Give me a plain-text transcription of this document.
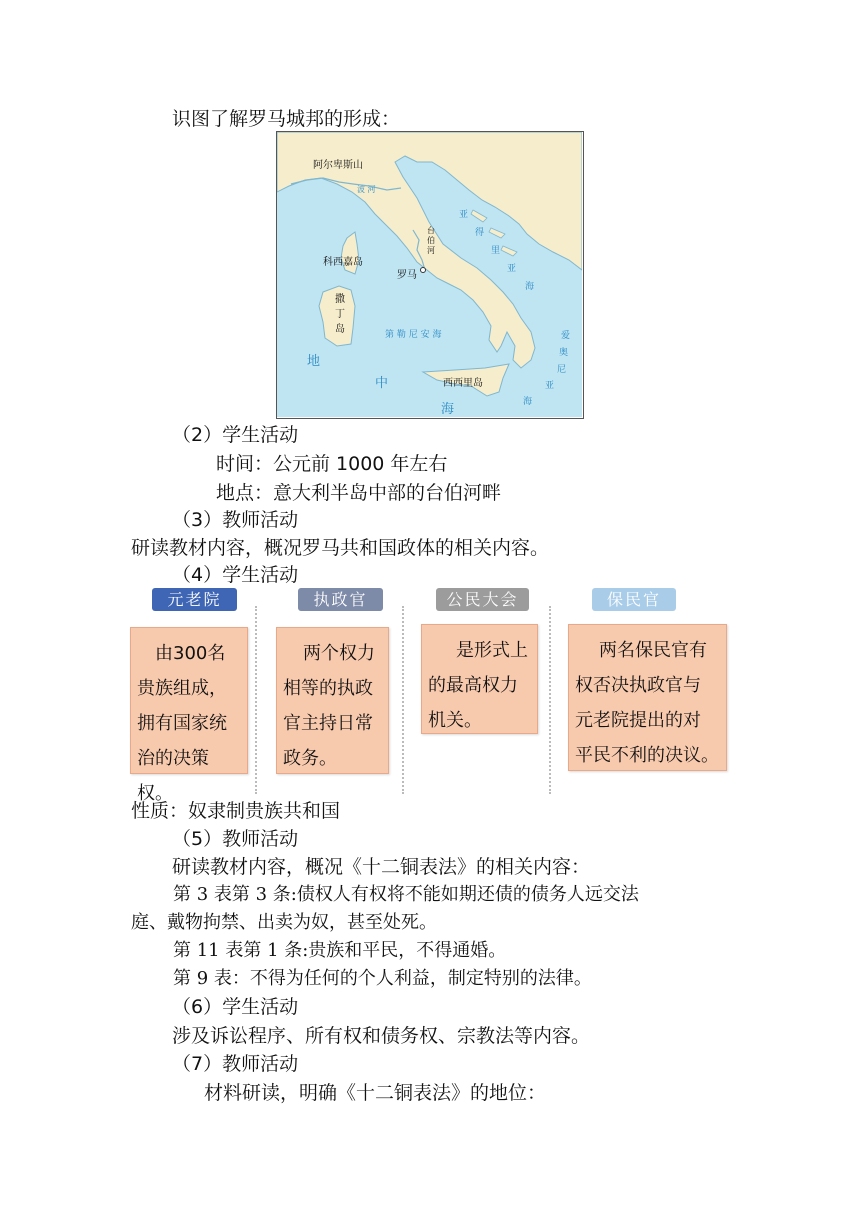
识图了解罗马城邦的形成：
阿尔卑斯山
波 河
亚
得
里
亚
海
台
伯
河
科西嘉岛
罗马
撒
丁
岛	第 勒 尼 安 海	爱
奥
尼
亚
海
西西里岛
地
中
海
（2）学生活动
时间：公元前 1000 年左右
地点：意大利半岛中部的台伯河畔
（3）教师活动
研读教材内容，概况罗马共和国政体的相关内容。
（4）学生活动
元老院	执政官	公民大会	保民官
由300名
贵族组成，
拥有国家统
治的决策权。
两个权力
相等的执政
官主持日常
政务。
是形式上
的最高权力
机关。
两名保民官有
权否决执政官与
元老院提出的对
平民不利的决议。
性质：奴隶制贵族共和国
（5）教师活动
研读教材内容，概况《十二铜表法》的相关内容：
第 3 表第 3 条:债权人有权将不能如期还债的债务人远交法
庭、戴物拘禁、出卖为奴，甚至处死。
第 11 表第 1 条:贵族和平民，不得通婚。
第 9 表：不得为任何的个人利益，制定特别的法律。
（6）学生活动
涉及诉讼程序、所有权和债务权、宗教法等内容。
（7）教师活动
材料研读，明确《十二铜表法》的地位：
